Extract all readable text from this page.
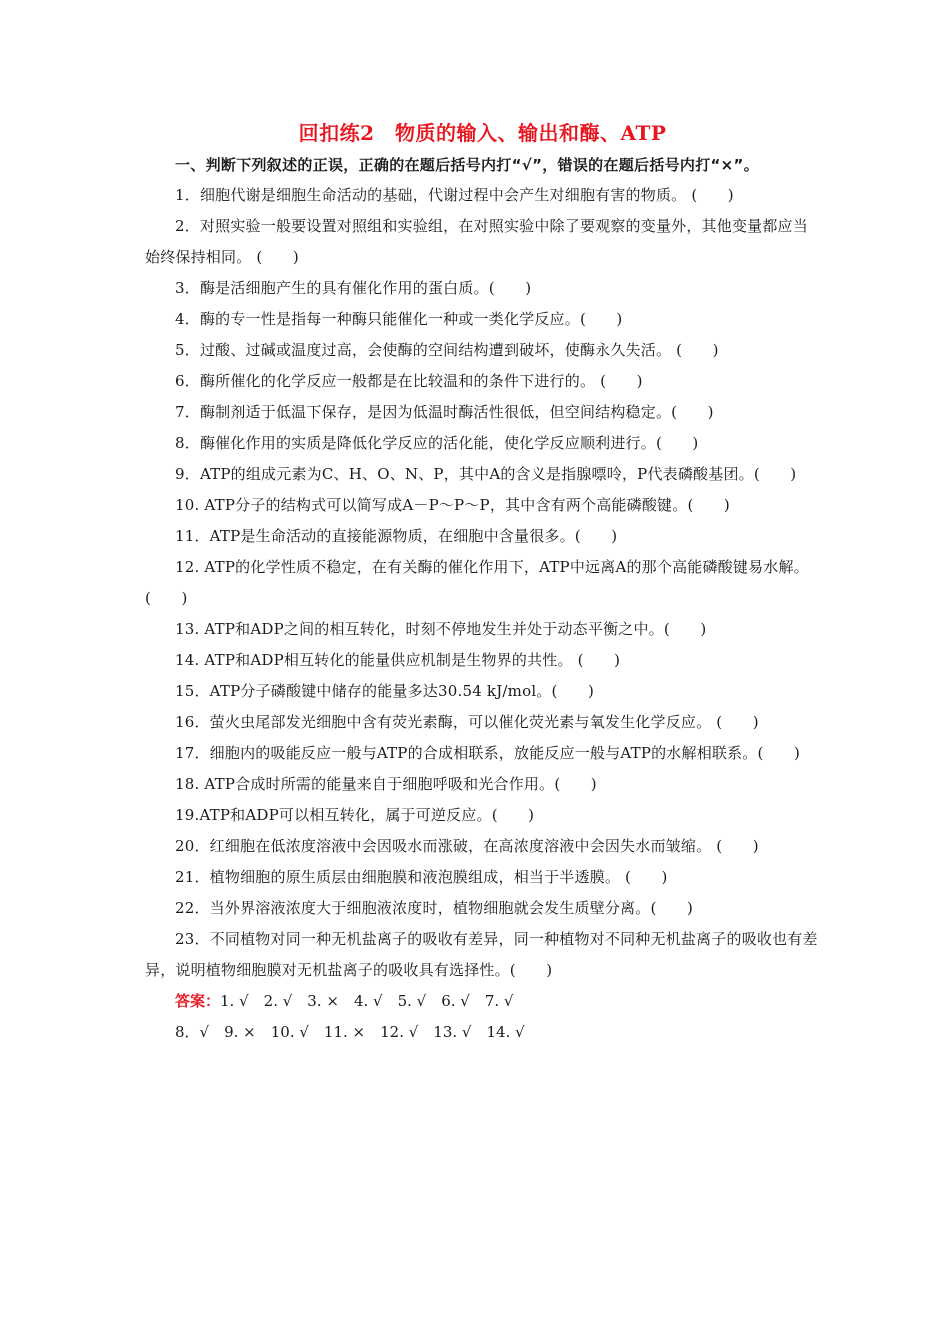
回扣练2　物质的输入、输出和酶、ATP

一、判断下列叙述的正误，正确的在题后括号内打“√”，错误的在题后括号内打“×”。

1．细胞代谢是细胞生命活动的基础，代谢过程中会产生对细胞有害的物质。 (　　)

2．对照实验一般要设置对照组和实验组，在对照实验中除了要观察的变量外，其他变量都应当始终保持相同。 (　　)

3．酶是活细胞产生的具有催化作用的蛋白质。(　　)

4．酶的专一性是指每一种酶只能催化一种或一类化学反应。(　　)

5．过酸、过碱或温度过高，会使酶的空间结构遭到破坏，使酶永久失活。 (　　)

6．酶所催化的化学反应一般都是在比较温和的条件下进行的。 (　　)

7．酶制剂适于低温下保存，是因为低温时酶活性很低，但空间结构稳定。(　　)

8．酶催化作用的实质是降低化学反应的活化能，使化学反应顺利进行。(　　)

9．ATP的组成元素为C、H、O、N、P，其中A的含义是指腺嘌呤，P代表磷酸基团。(　　)

10. ATP分子的结构式可以简写成A－P～P～P，其中含有两个高能磷酸键。(　　)

11．ATP是生命活动的直接能源物质，在细胞中含量很多。(　　)

12. ATP的化学性质不稳定，在有关酶的催化作用下，ATP中远离A的那个高能磷酸键易水解。(　　)

13. ATP和ADP之间的相互转化，时刻不停地发生并处于动态平衡之中。(　　)

14. ATP和ADP相互转化的能量供应机制是生物界的共性。 (　　)

15．ATP分子磷酸键中储存的能量多达30.54 kJ/mol。(　　)

16．萤火虫尾部发光细胞中含有荧光素酶，可以催化荧光素与氧发生化学反应。 (　　)

17．细胞内的吸能反应一般与ATP的合成相联系，放能反应一般与ATP的水解相联系。(　　)

18. ATP合成时所需的能量来自于细胞呼吸和光合作用。(　　)

19.ATP和ADP可以相互转化，属于可逆反应。(　　)

20．红细胞在低浓度溶液中会因吸水而涨破，在高浓度溶液中会因失水而皱缩。 (　　)

21．植物细胞的原生质层由细胞膜和液泡膜组成，相当于半透膜。 (　　)

22．当外界溶液浓度大于细胞液浓度时，植物细胞就会发生质壁分离。(　　)

23．不同植物对同一种无机盐离子的吸收有差异，同一种植物对不同种无机盐离子的吸收也有差异，说明植物细胞膜对无机盐离子的吸收具有选择性。(　　)

答案：1. √　2. √　3. ×　4. √　5. √　6. √　7. √

8．√　9. ×　10. √　11. ×　12. √　13. √　14. √
